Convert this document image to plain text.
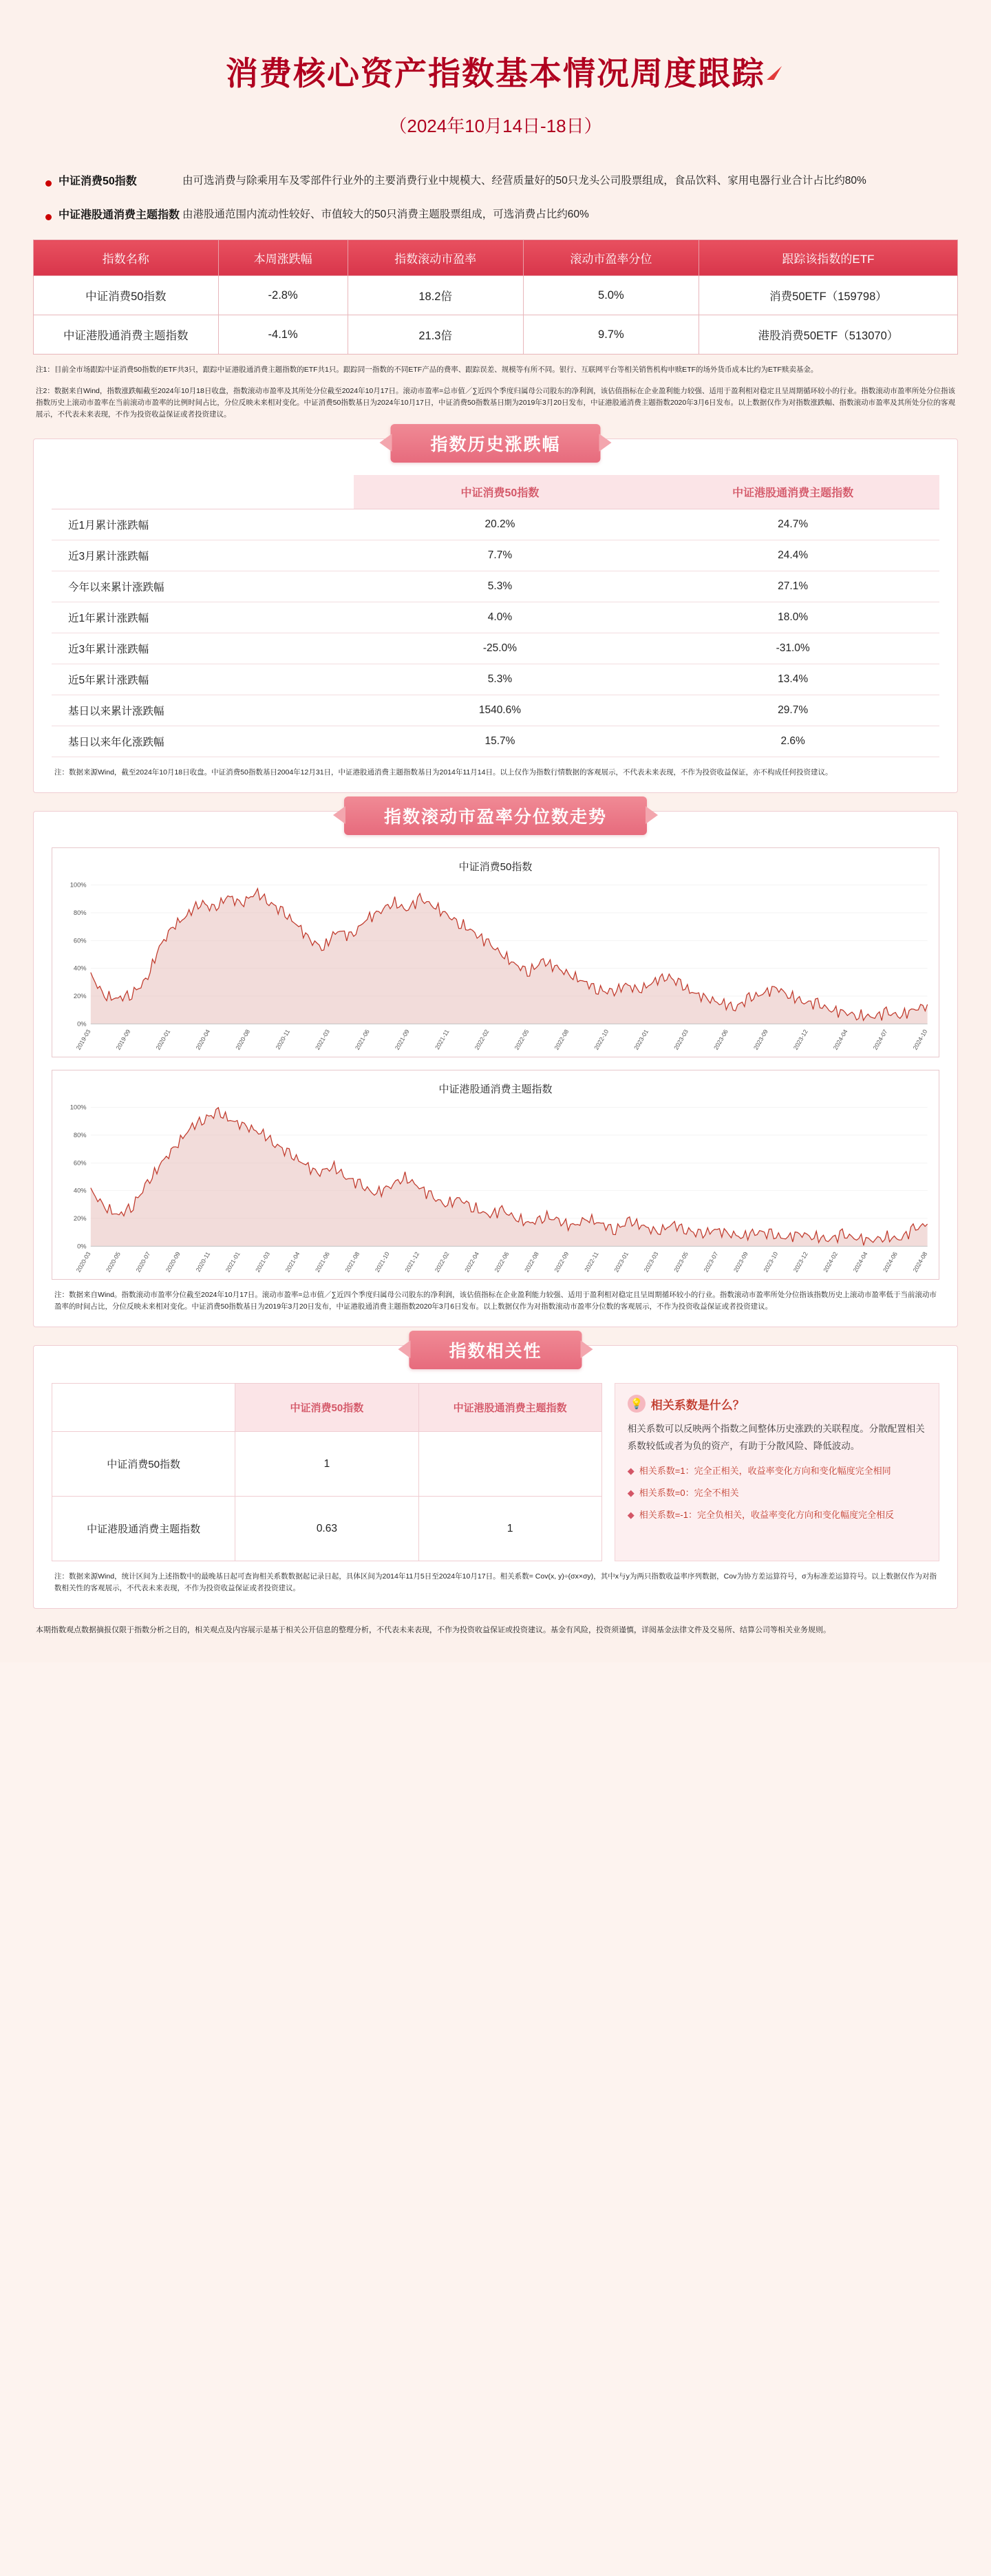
消费核心资产指数基本情况周度跟踪
（2024年10月14日-18日）
中证消费50指数	由可选消费与除乘用车及零部件行业外的主要消费行业中规模大、经营质量好的50只龙头公司股票组成，食品饮料、家用电器行业合计占比约80%
中证港股通消费主题指数 由港股通范围内流动性较好、市值较大的50只消费主题股票组成，可选消费占比约60%
指数名称	本周涨跌幅	指数滚动市盈率	滚动市盈率分位	跟踪该指数的ETF
中证消费50指数	-2.8%	18.2倍	5.0%	消费50ETF（159798）
中证港股通消费主题指数	-4.1%	21.3倍	9.7%	港股消费50ETF（513070）
注1：目前全市场跟踪中证消费50指数的ETF共3只，跟踪中证港股通消费主题指数的ETF共1只。跟踪同一指数的不同ETF产品的费率、跟踪误差、规模等有所不同。银行、互联网平台等相关销售机构申赎ETF的场外货币成本比约为ETF赎卖基金。
注2：数据来自Wind，指数涨跌幅截至2024年10月18日收盘，指数滚动市盈率及其所处分位截至2024年10月17日。滚动市盈率=总市值／∑近四个季度归属母公司股东的净利润，该估值指标在企业盈利能力较强、适用于盈利相对稳定且呈周期循环较小的行业。指数滚动市盈率所处分位指该指数历史上滚动市盈率在当前滚动市盈率的比例时间占比，分位反映未来相对变化。中证消费50指数基日为2024年10月17日，中证消费50指数基日期为2019年3月20日发布，中证港股通消费主题指数2020年3月6日发布。以上数据仅作为对指数涨跌幅、指数滚动市盈率及其所处分位的客观展示，不代表未来表现，不作为投资收益保证或者投资建议。
指数历史涨跌幅
	中证消费50指数	中证港股通消费主题指数
近1月累计涨跌幅	20.2%	24.7%
近3月累计涨跌幅	7.7%	24.4%
今年以来累计涨跌幅	5.3%	27.1%
近1年累计涨跌幅	4.0%	18.0%
近3年累计涨跌幅	-25.0%	-31.0%
近5年累计涨跌幅	5.3%	13.4%
基日以来累计涨跌幅	1540.6%	29.7%
基日以来年化涨跌幅	15.7%	2.6%
注：数据来源Wind，截至2024年10月18日收盘。中证消费50指数基日2004年12月31日，中证港股通消费主题指数基日为2014年11月14日。以上仅作为指数行情数据的客观展示，不代表未来表现，不作为投资收益保证，亦不构成任何投资建议。
指数滚动市盈率分位数走势
中证消费50指数
0%
20%
40%
60%
80%
100%
2019-03	2019-09	2020-01	2020-04	2020-08	2020-11	2021-03	2021-06	2021-09	2021-11	2022-02	2022-05	2022-08	2022-10	2023-01	2023-03	2023-06	2023-09	2023-12	2024-04	2024-07	2024-10
中证港股通消费主题指数
0%
20%
40%
60%
80%
100%
2020-03 2020-05 2020-07 2020-09 2020-11 2021-01 2021-03 2021-04 2021-06 2021-08 2021-10 2021-12 2022-02 2022-04 2022-06 2022-08 2022-09 2022-11 2023-01 2023-03 2023-05 2023-07 2023-09 2023-10 2023-12 2024-02 2024-04 2024-06 2024-08
注：数据来自Wind。指数滚动市盈率分位截至2024年10月17日。滚动市盈率=总市值／∑近四个季度归属母公司股东的净利润，该估值指标在企业盈利能力较强、适用于盈利相对稳定且呈周期循环较小的行业。指数滚动市盈率所处分位指该指数历史上滚动市盈率低于当前滚动市盈率的时间占比，分位反映未来相对变化。中证消费50指数基日为2019年3月20日发布，中证港股通消费主题指数2020年3月6日发布。以上数据仅作为对指数滚动市盈率分位数的客观展示，不作为投资收益保证或者投资建议。
指数相关性
	中证消费50指数	中证港股通消费主题指数
中证消费50指数	1	
中证港股通消费主题指数	0.63	1
💡 相关系数是什么？

相关系数可以反映两个指数之间整体历史涨跌的关联程度。分散配置相关系数较低或者为负的资产，有助于分散风险、降低波动。

◆ 相关系数=1：完全正相关，收益率变化方向和变化幅度完全相同
◆ 相关系数=0：完全不相关
◆ 相关系数=-1：完全负相关，收益率变化方向和变化幅度完全相反
注：数据来源Wind，统计区间为上述指数中的最晚基日起可查询相关系数数据起记录日起，具体区间为2014年11月5日至2024年10月17日。相关系数= Cov(x, y)÷(σx×σy)，其中x与y为两只指数收益率序列数据，Cov为协方差运算符号，σ为标准差运算符号。以上数据仅作为对指数相关性的客观展示，不代表未来表现，不作为投资收益保证或者投资建议。
本期指数观点数据摘报仅限于指数分析之目的，相关观点及内容展示是基于相关公开信息的整理分析，不代表未来表现，不作为投资收益保证或投资建议。基金有风险，投资须谨慎，详阅基金法律文件及交易所、结算公司等相关业务规则。
